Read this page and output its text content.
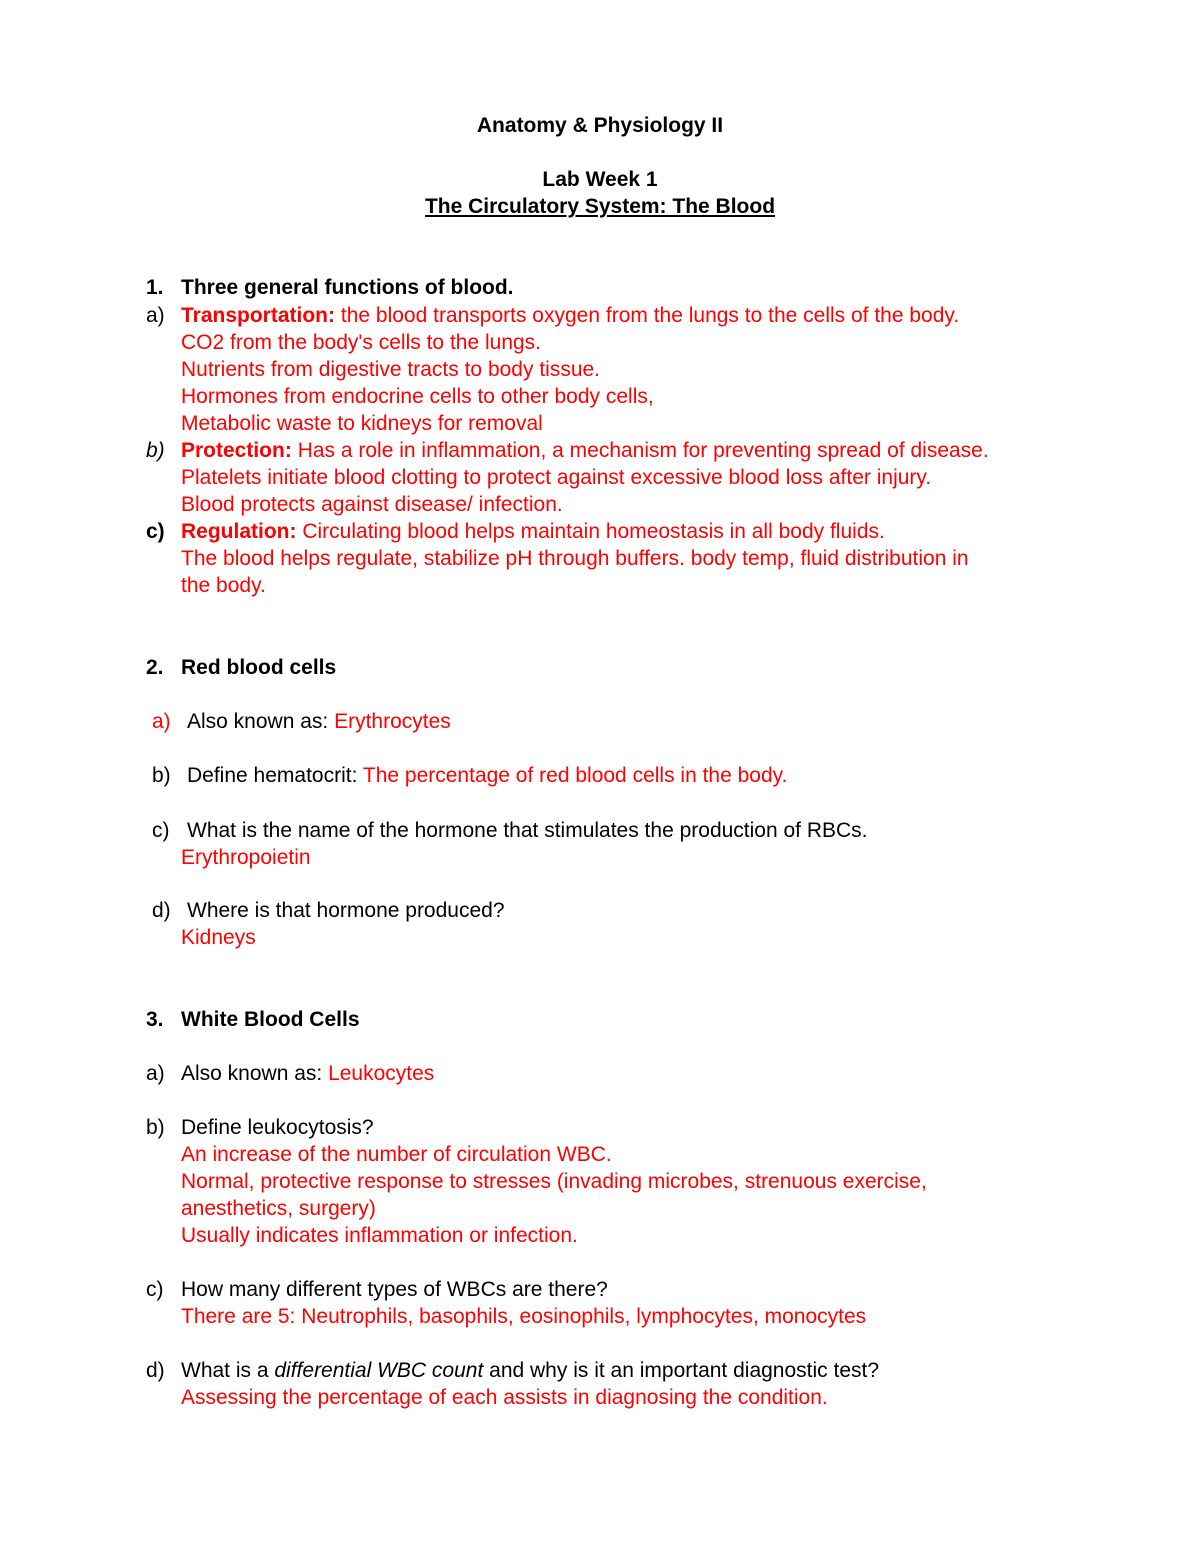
Anatomy & Physiology II
Lab Week 1
The Circulatory System: The Blood
1. Three general functions of blood.
a) Transportation: the blood transports oxygen from the lungs to the cells of the body.
CO2 from the body's cells to the lungs.
Nutrients from digestive tracts to body tissue.
Hormones from endocrine cells to other body cells,
Metabolic waste to kidneys for removal
b) Protection: Has a role in inflammation, a mechanism for preventing spread of disease.
Platelets initiate blood clotting to protect against excessive blood loss after injury.
Blood protects against disease/ infection.
c) Regulation: Circulating blood helps maintain homeostasis in all body fluids.
The blood helps regulate, stabilize pH through buffers. body temp, fluid distribution in
the body.
2. Red blood cells
a) Also known as: Erythrocytes
b) Define hematocrit: The percentage of red blood cells in the body.
c) What is the name of the hormone that stimulates the production of RBCs.
Erythropoietin
d) Where is that hormone produced?
Kidneys
3. White Blood Cells
a) Also known as: Leukocytes
b) Define leukocytosis?
An increase of the number of circulation WBC.
Normal, protective response to stresses (invading microbes, strenuous exercise,
anesthetics, surgery)
Usually indicates inflammation or infection.
c) How many different types of WBCs are there?
There are 5: Neutrophils, basophils, eosinophils, lymphocytes, monocytes
d) What is a differential WBC count and why is it an important diagnostic test?
Assessing the percentage of each assists in diagnosing the condition.
